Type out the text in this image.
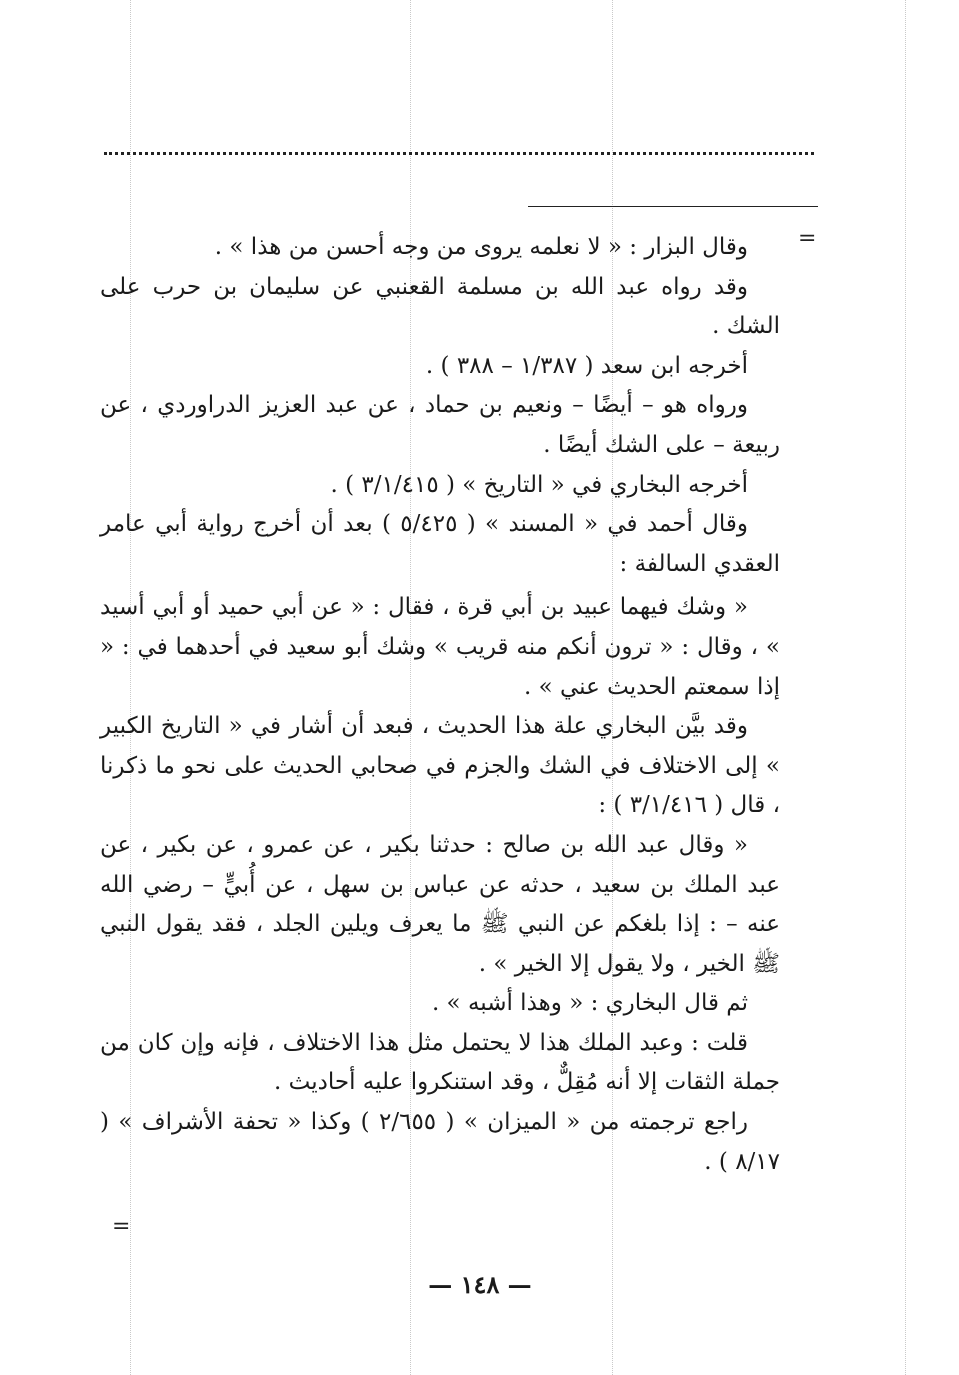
=

وقال البزار : « لا نعلمه يروى من وجه أحسن من هذا » .

وقد رواه عبد الله بن مسلمة القعنبي عن سليمان بن حرب على الشك .

أخرجه ابن سعد ( ١/٣٨٧ – ٣٨٨ ) .

ورواه هو – أيضًا – ونعيم بن حماد ، عن عبد العزيز الدراوردي ، عن ربيعة – على الشك أيضًا .

أخرجه البخاري في « التاريخ » ( ٣/١/٤١٥ ) .

وقال أحمد في « المسند » ( ٥/٤٢٥ ) بعد أن أخرج رواية أبي عامر العقدي السالفة :

« وشك فيهما عبيد بن أبي قرة ، فقال : « عن أبي حميد أو أبي أسيد » ، وقال : « ترون أنكم منه قريب » وشك أبو سعيد في أحدهما في : « إذا سمعتم الحديث عني » .

وقد بيَّن البخاري علة هذا الحديث ، فبعد أن أشار في « التاريخ الكبير » إلى الاختلاف في الشك والجزم في صحابي الحديث على نحو ما ذكرنا ، قال ( ٣/١/٤١٦ ) :

« وقال عبد الله بن صالح : حدثنا بكير ، عن عمرو ، عن بكير ، عن عبد الملك بن سعيد ، حدثه عن عباس بن سهل ، عن أُبيٍّ – رضي الله عنه – : إذا بلغكم عن النبي ﷺ ما يعرف ويلين الجلد ، فقد يقول النبي ﷺ الخير ، ولا يقول إلا الخير » .

ثم قال البخاري : « وهذا أشبه » .

قلت : وعبد الملك هذا لا يحتمل مثل هذا الاختلاف ، فإنه وإن كان من جملة الثقات إلا أنه مُقِلٌّ ، وقد استنكروا عليه أحاديث .

راجع ترجمته من « الميزان » ( ٢/٦٥٥ ) وكذا « تحفة الأشراف » ( ٨/١٧ ) .

=
— ١٤٨ —
